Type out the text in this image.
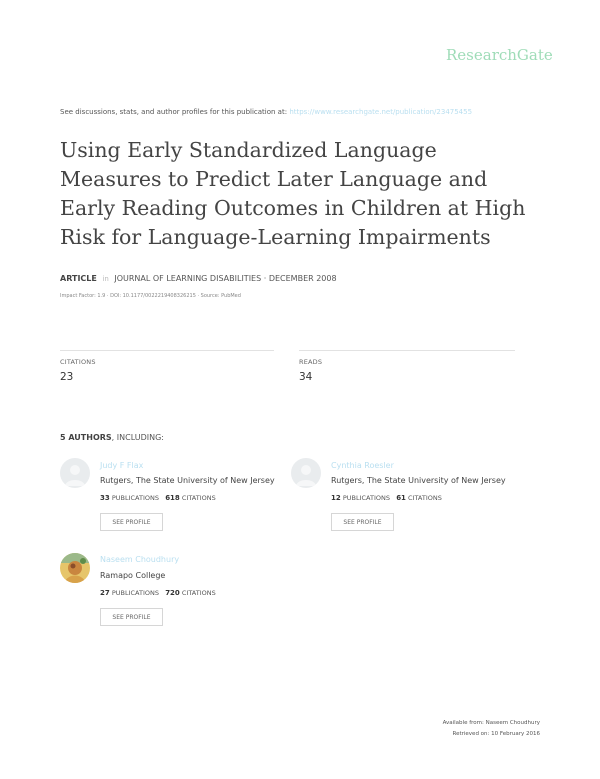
ResearchGate
See discussions, stats, and author profiles for this publication at: https://www.researchgate.net/publication/23475455
Using Early Standardized Language Measures to Predict Later Language and Early Reading Outcomes in Children at High Risk for Language-Learning Impairments
ARTICLE in JOURNAL OF LEARNING DISABILITIES · DECEMBER 2008
Impact Factor: 1.9 · DOI: 10.1177/0022219408326215 · Source: PubMed
CITATIONS
23
READS
34
5 AUTHORS, INCLUDING:
Judy F Flax
Rutgers, The State University of New Jersey
33 PUBLICATIONS 618 CITATIONS
SEE PROFILE
Cynthia Roesler
Rutgers, The State University of New Jersey
12 PUBLICATIONS 61 CITATIONS
SEE PROFILE
Naseem Choudhury
Ramapo College
27 PUBLICATIONS 720 CITATIONS
SEE PROFILE
Available from: Naseem Choudhury
Retrieved on: 10 February 2016
